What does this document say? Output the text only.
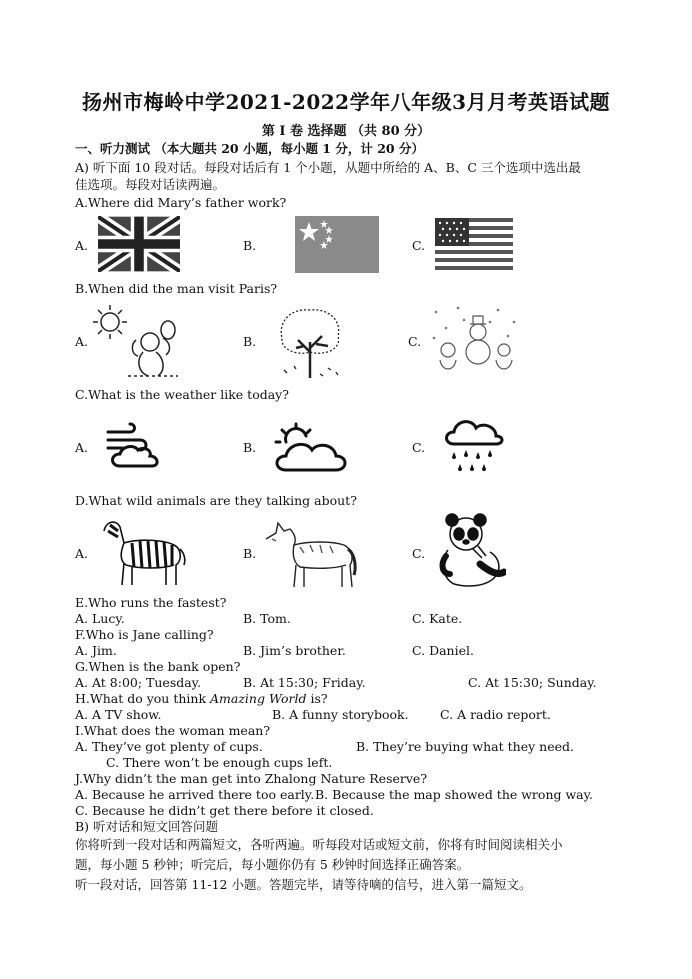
扬州市梅岭中学2021-2022学年八年级3月月考英语试题
第 I 卷 选择题 （共 80 分）
一、听力测试 （本大题共 20 小题，每小题 1 分，计 20 分）
A) 听下面 10 段对话。每段对话后有 1 个小题，从题中所给的 A、B、C 三个选项中选出最
佳选项。每段对话读两遍。
A.Where did Mary’s father work?
A.	B.	C.
B.When did the man visit Paris?
A.	B.	C.
C.What is the weather like today?
A.	B.	C.
D.What wild animals are they talking about?
A.	B.	C.
E.Who runs the fastest?
A. Lucy.	B. Tom.	C. Kate.
F.Who is Jane calling?
A. Jim.	B. Jim’s brother.	C. Daniel.
G.When is the bank open?
A. At 8:00; Tuesday.	B. At 15:30; Friday.	C. At 15:30; Sunday.
H.What do you think Amazing World is?
A. A TV show.	B. A funny storybook.	C. A radio report.
I.What does the woman mean?
A. They’ve got plenty of cups.	B. They’re buying what they need.
C. There won’t be enough cups left.
J.Why didn’t the man get into Zhalong Nature Reserve?
A. Because he arrived there too early. B. Because the map showed the wrong way.
C. Because he didn’t get there before it closed.
B) 听对话和短文回答问题
你将听到一段对话和两篇短文，各听两遍。听每段对话或短文前，你将有时间阅读相关小
题，每小题 5 秒钟；听完后，每小题你仍有 5 秒钟时间选择正确答案。
听一段对话，回答第 11-12 小题。答题完毕，请等待嘀的信号，进入第一篇短文。
